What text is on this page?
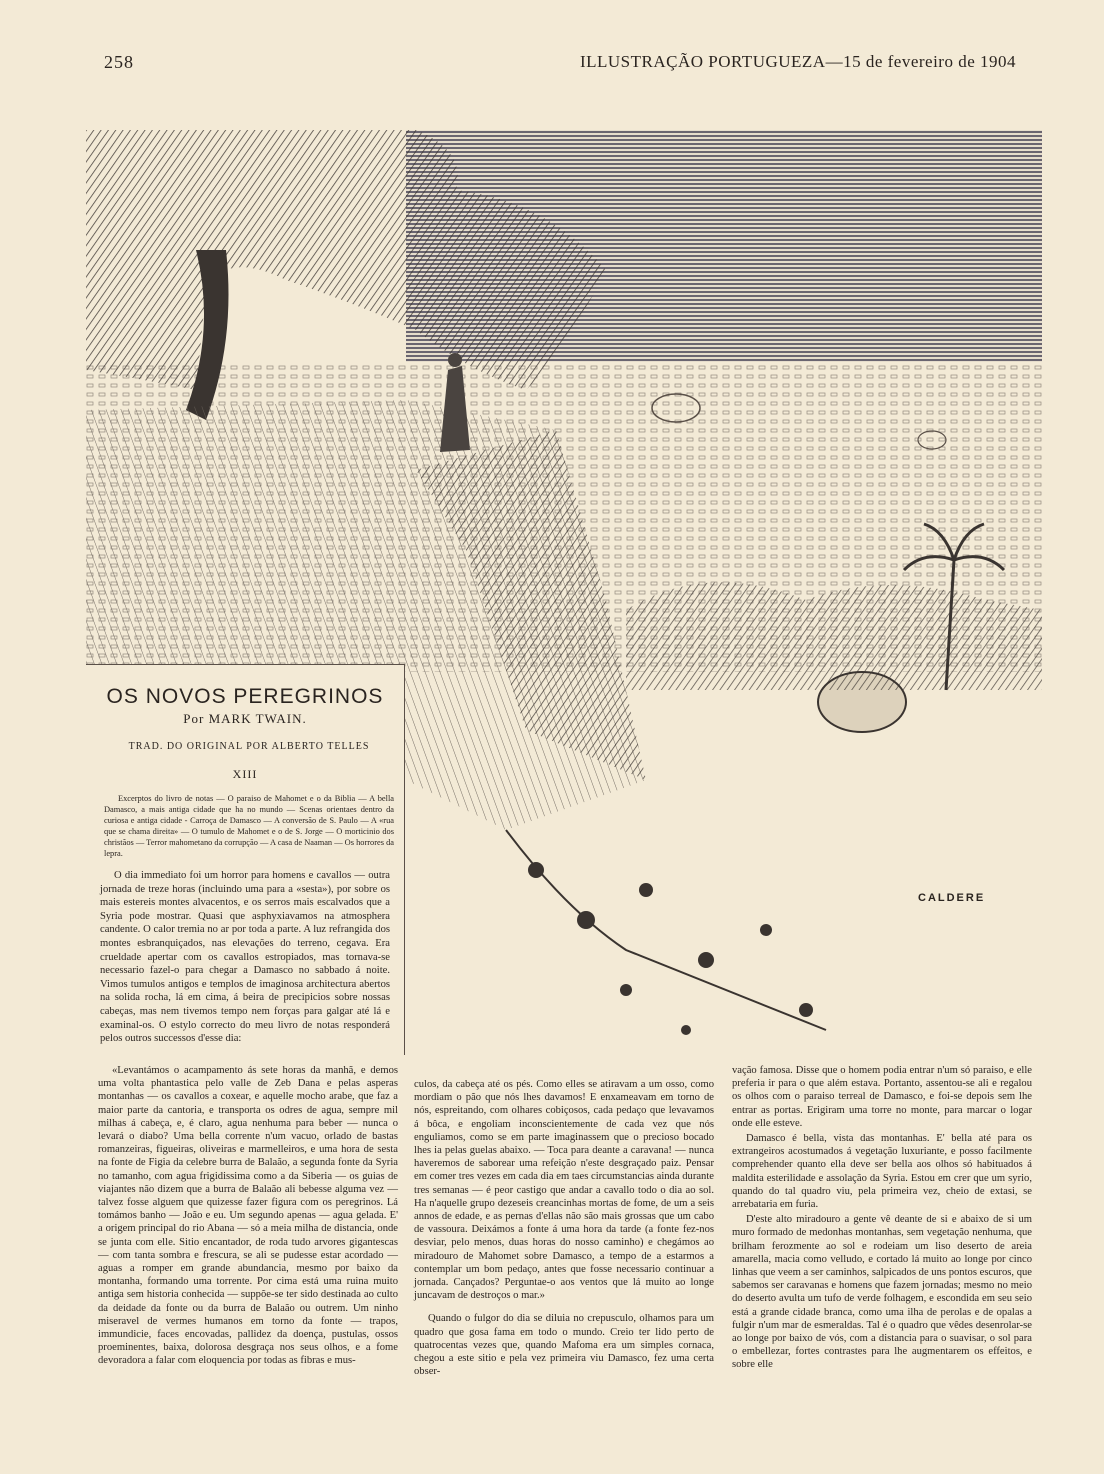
258	ILLUSTRAÇÃO PORTUGUEZA—15 de fevereiro de 1904
CALDERE
OS NOVOS PEREGRINOS
Por MARK TWAIN.
TRAD. DO ORIGINAL POR ALBERTO TELLES
XIII
Excerptos do livro de notas — O paraiso de Mahomet e o da Biblia — A bella Damasco, a mais antiga cidade que ha no mundo — Scenas orientaes dentro da curiosa e antiga cidade - Carroça de Damasco — A conversão de S. Paulo — A «rua que se chama direita» — O tumulo de Mahomet e o de S. Jorge — O morticinio dos christãos — Terror mahometano da corrupção — A casa de Naaman — Os horrores da lepra.
O dia immediato foi um horror para homens e cavallos — outra jornada de treze horas (incluindo uma para a «sesta»), por sobre os mais estereis montes alvacentos, e os serros mais escalvados que a Syria pode mostrar. Quasi que asphyxiavamos na atmosphera candente. O calor tremia no ar por toda a parte. A luz refrangida dos montes esbranquiçados, nas elevações do terreno, cegava. Era crueldade apertar com os cavallos estropiados, mas tornava-se necessario fazel-o para chegar a Damasco no sabbado á noite. Vimos tumulos antigos e templos de imaginosa architectura abertos na solida rocha, lá em cima, á beira de precipicios sobre nossas cabeças, mas nem tivemos tempo nem forças para galgar até lá e examinal-os. O estylo correcto do meu livro de notas responderá pelos outros successos d'esse dia:

«Levantámos o acampamento ás sete horas da manhã, e demos uma volta phantastica pelo valle de Zeb Dana e pelas asperas montanhas — os cavallos a coxear, e aquelle mocho arabe, que faz a maior parte da cantoria, e transporta os odres de agua, sempre mil milhas á cabeça, e, é claro, agua nenhuma para beber — nunca o levará o diabo? Uma bella corrente n'um vacuo, orlado de bastas romanzeiras, figueiras, oliveiras e marmelleiros, e uma hora de sesta na fonte de Figia da celebre burra de Balaão, a segunda fonte da Syria no tamanho, com agua frigidissima como a da Siberia — os guias de viajantes não dizem que a burra de Balaão ali bebesse alguma vez — talvez fosse alguem que quizesse fazer figura com os peregrinos. Lá tomámos banho — João e eu. Um segundo apenas — agua gelada. E' a origem principal do rio Abana — só a meia milha de distancia, onde se junta com elle. Sitio encantador, de roda tudo arvores gigantescas — com tanta sombra e frescura, se ali se pudesse estar acordado — aguas a romper em grande abundancia, mesmo por baixo da montanha, formando uma torrente. Por cima está uma ruina muito antiga sem historia conhecida — suppõe-se ter sido destinada ao culto da deidade da fonte ou da burra de Balaão ou outrem. Um ninho miseravel de vermes humanos em torno da fonte — trapos, immundicie, faces encovadas, pallidez da doença, pustulas, ossos proeminentes, baixa, dolorosa desgraça nos seus olhos, e a fome devoradora a falar com eloquencia por todas as fibras e mus-

culos, da cabeça até os pés. Como elles se atiravam a um osso, como mordiam o pão que nós lhes davamos! E enxameavam em torno de nós, espreitando, com olhares cobiçosos, cada pedaço que levavamos á bôca, e engoliam inconscientemente de cada vez que nós enguliamos, como se em parte imaginassem que o precioso bocado lhes ia pelas guelas abaixo. — Toca para deante a caravana! — nunca haveremos de saborear uma refeição n'este desgraçado paiz. Pensar em comer tres vezes em cada dia em taes circumstancias ainda durante tres semanas — é peor castigo que andar a cavallo todo o dia ao sol. Ha n'aquelle grupo dezeseis creancinhas mortas de fome, de um a seis annos de edade, e as pernas d'ellas não são mais grossas que um cabo de vassoura. Deixámos a fonte á uma hora da tarde (a fonte fez-nos desviar, pelo menos, duas horas do nosso caminho) e chegámos ao miradouro de Mahomet sobre Damasco, a tempo de a estarmos a contemplar um bom pedaço, antes que fosse necessario continuar a jornada. Cançados? Perguntae-o aos ventos que lá muito ao longe juncavam de destroços o mar.»

Quando o fulgor do dia se diluia no crepusculo, olhamos para um quadro que gosa fama em todo o mundo. Creio ter lido perto de quatrocentas vezes que, quando Mafoma era um simples cornaca, chegou a este sitio e pela vez primeira viu Damasco, fez uma certa obser-

vação famosa. Disse que o homem podia entrar n'um só paraiso, e elle preferia ir para o que além estava. Portanto, assentou-se ali e regalou os olhos com o paraiso terreal de Damasco, e foi-se depois sem lhe entrar as portas. Erigiram uma torre no monte, para marcar o logar onde elle esteve.

Damasco é bella, vista das montanhas. E' bella até para os extrangeiros acostumados á vegetação luxuriante, e posso facilmente comprehender quanto ella deve ser bella aos olhos só habituados á maldita esterilidade e assolação da Syria. Estou em crer que um syrio, quando do tal quadro viu, pela primeira vez, cheio de extasi, se arrebataria em furia.

D'este alto miradouro a gente vê deante de si e abaixo de si um muro formado de medonhas montanhas, sem vegetação nenhuma, que brilham ferozmente ao sol e rodeiam um liso deserto de areia amarella, macia como velludo, e cortado lá muito ao longe por cinco linhas que veem a ser caminhos, salpicados de uns pontos escuros, que sabemos ser caravanas e homens que fazem jornadas; mesmo no meio do deserto avulta um tufo de verde folhagem, e escondida em seu seio está a grande cidade branca, como uma ilha de perolas e de opalas a fulgir n'um mar de esmeraldas. Tal é o quadro que vêdes desenrolar-se ao longe por baixo de vós, com a distancia para o suavisar, o sol para o embellezar, fortes contrastes para lhe augmentarem os effeitos, e sobre elle
